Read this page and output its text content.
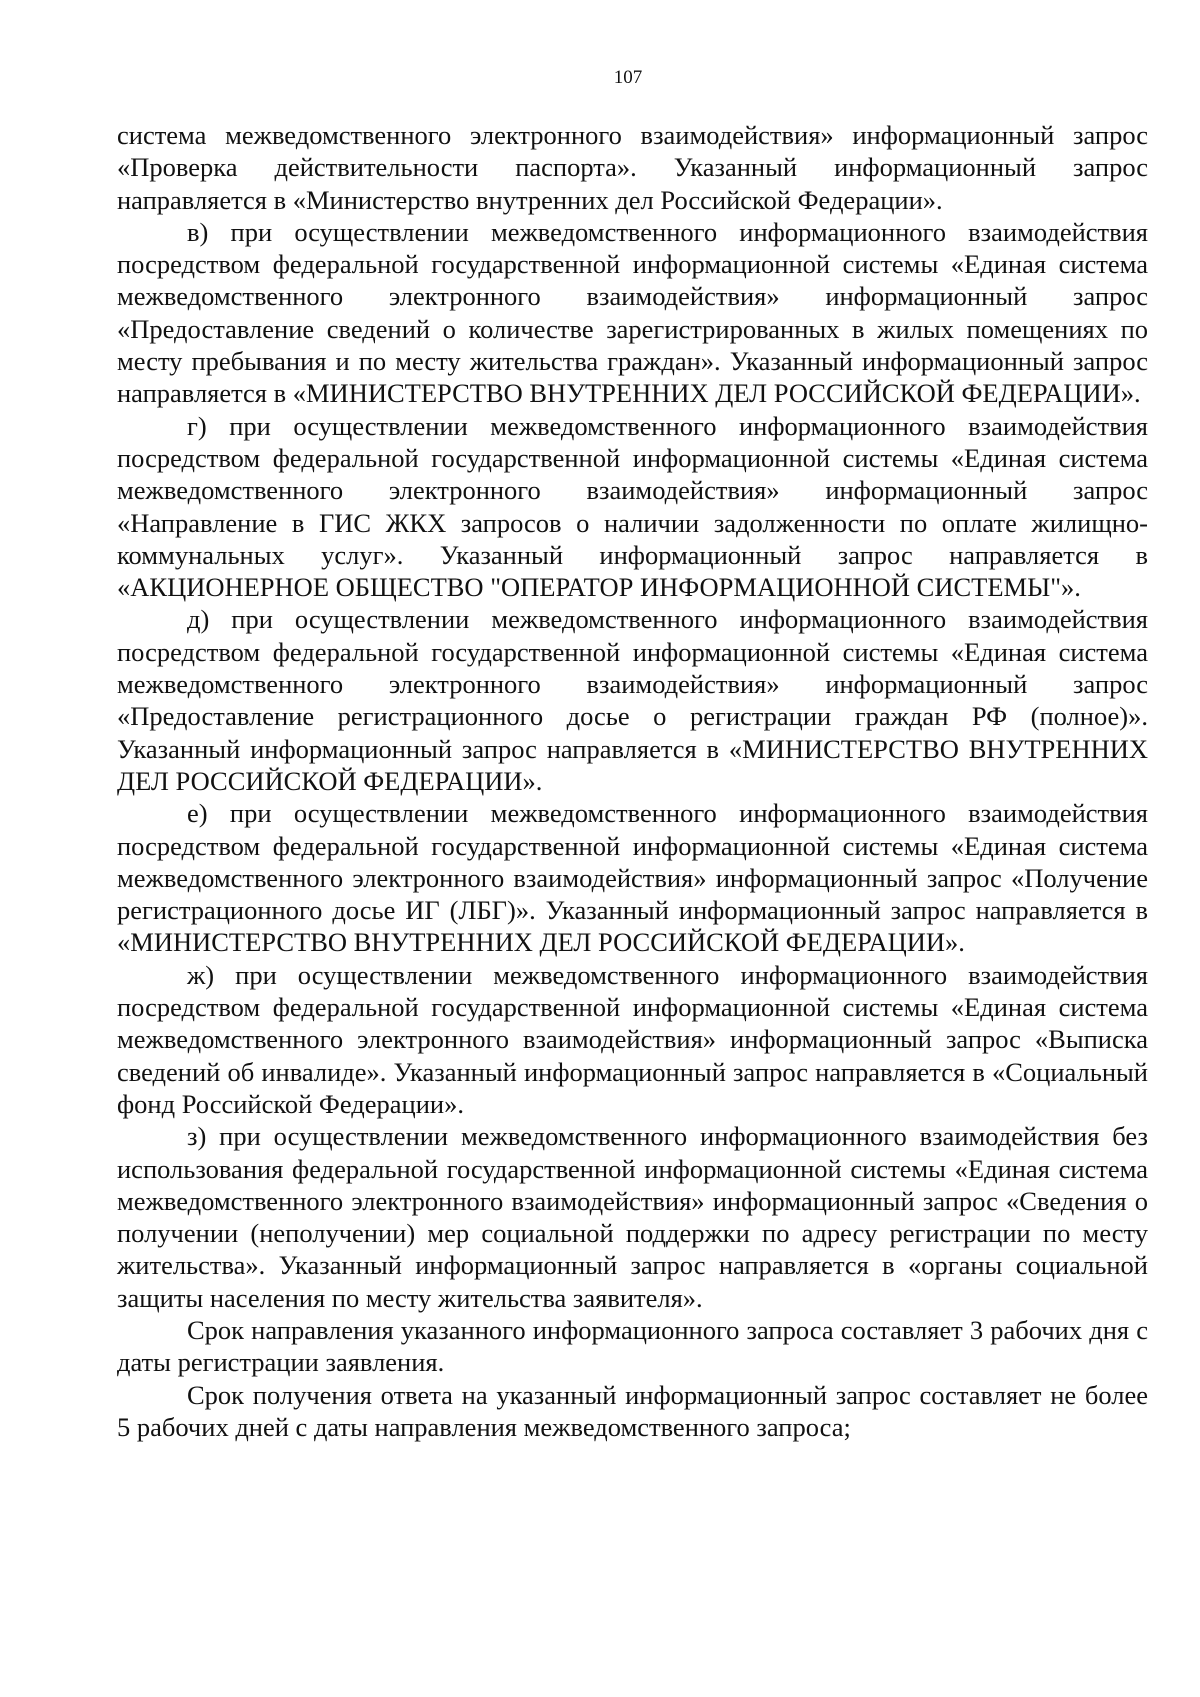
107

система межведомственного электронного взаимодействия» информационный запрос «Проверка действительности паспорта». Указанный информационный запрос направляется в «Министерство внутренних дел Российской Федерации».

в) при осуществлении межведомственного информационного взаимодействия посредством федеральной государственной информационной системы «Единая система межведомственного электронного взаимодействия» информационный запрос «Предоставление сведений о количестве зарегистрированных в жилых помещениях по месту пребывания и по месту жительства граждан». Указанный информационный запрос направляется в «МИНИСТЕРСТВО ВНУТРЕННИХ ДЕЛ РОССИЙСКОЙ ФЕДЕРАЦИИ».

г) при осуществлении межведомственного информационного взаимодействия посредством федеральной государственной информационной системы «Единая система межведомственного электронного взаимодействия» информационный запрос «Направление в ГИС ЖКХ запросов о наличии задолженности по оплате жилищно-коммунальных услуг». Указанный информационный запрос направляется в «АКЦИОНЕРНОЕ ОБЩЕСТВО "ОПЕРАТОР ИНФОРМАЦИОННОЙ СИСТЕМЫ"».

д) при осуществлении межведомственного информационного взаимодействия посредством федеральной государственной информационной системы «Единая система межведомственного электронного взаимодействия» информационный запрос «Предоставление регистрационного досье о регистрации граждан РФ (полное)». Указанный информационный запрос направляется в «МИНИСТЕРСТВО ВНУТРЕННИХ ДЕЛ РОССИЙСКОЙ ФЕДЕРАЦИИ».

е) при осуществлении межведомственного информационного взаимодействия посредством федеральной государственной информационной системы «Единая система межведомственного электронного взаимодействия» информационный запрос «Получение регистрационного досье ИГ (ЛБГ)». Указанный информационный запрос направляется в «МИНИСТЕРСТВО ВНУТРЕННИХ ДЕЛ РОССИЙСКОЙ ФЕДЕРАЦИИ».

ж) при осуществлении межведомственного информационного взаимодействия посредством федеральной государственной информационной системы «Единая система межведомственного электронного взаимодействия» информационный запрос «Выписка сведений об инвалиде». Указанный информационный запрос направляется в «Социальный фонд Российской Федерации».

з) при осуществлении межведомственного информационного взаимодействия без использования федеральной государственной информационной системы «Единая система межведомственного электронного взаимодействия» информационный запрос «Сведения о получении (неполучении) мер социальной поддержки по адресу регистрации по месту жительства». Указанный информационный запрос направляется в «органы социальной защиты населения по месту жительства заявителя».

Срок направления указанного информационного запроса составляет 3 рабочих дня с даты регистрации заявления.

Срок получения ответа на указанный информационный запрос составляет не более 5 рабочих дней с даты направления межведомственного запроса;
